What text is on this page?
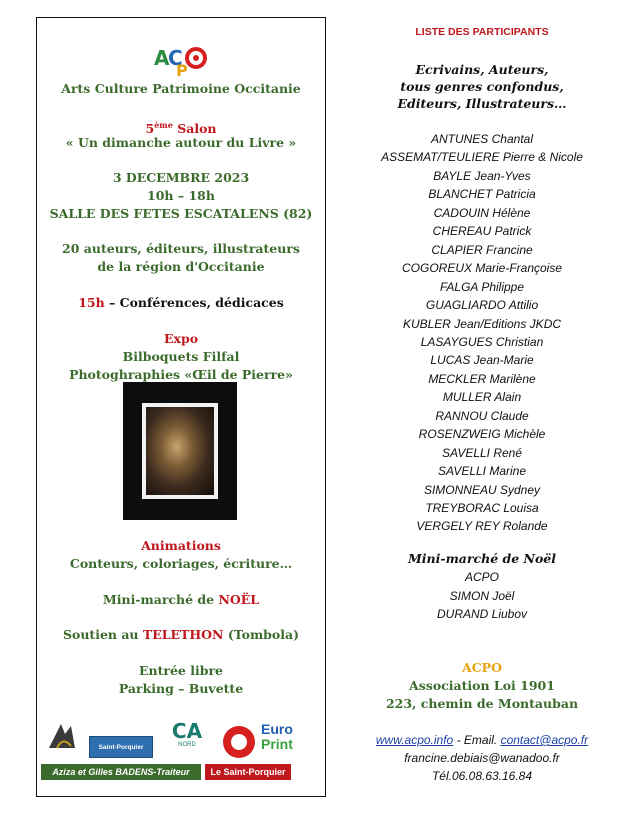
A
C
P
Arts Culture Patrimoine Occitanie
5ème Salon
« Un dimanche autour du Livre »
3 DECEMBRE 2023
10h – 18h
SALLE DES FETES ESCATALENS (82)
20 auteurs, éditeurs, illustrateurs
de la région d'Occitanie
15h – Conférences, dédicaces
Expo
Bilboquets Filfal
Photoghraphies «Œil de Pierre»
Animations
Conteurs, coloriages, écriture…
Mini-marché de NOËL
Soutien au TELETHON (Tombola)
Entrée libre
Parking – Buvette
Saint-Porquier
CA
NORD
Euro
Print
Aziza et Gilles BADENS-Traiteur	Le Saint-Porquier
LISTE DES PARTICIPANTS
Ecrivains, Auteurs,
tous genres confondus,
Editeurs, Illustrateurs…
ANTUNES Chantal
ASSEMAT/TEULIERE Pierre & Nicole
BAYLE Jean-Yves
BLANCHET Patricia
CADOUIN Hélène
CHEREAU Patrick
CLAPIER Francine
COGOREUX Marie-Françoise
FALGA Philippe
GUAGLIARDO Attilio
KUBLER Jean/Editions JKDC
LASAYGUES Christian
LUCAS Jean-Marie
MECKLER Marilène
MULLER Alain
RANNOU Claude
ROSENZWEIG Michèle
SAVELLI René
SAVELLI Marine
SIMONNEAU Sydney
TREYBORAC Louisa
VERGELY REY Rolande
Mini-marché de Noël
ACPO
SIMON Joël
DURAND Liubov
ACPO
Association Loi 1901
223, chemin de Montauban
www.acpo.info - Email. contact@acpo.fr
francine.debiais@wanadoo.fr
Tél.06.08.63.16.84
